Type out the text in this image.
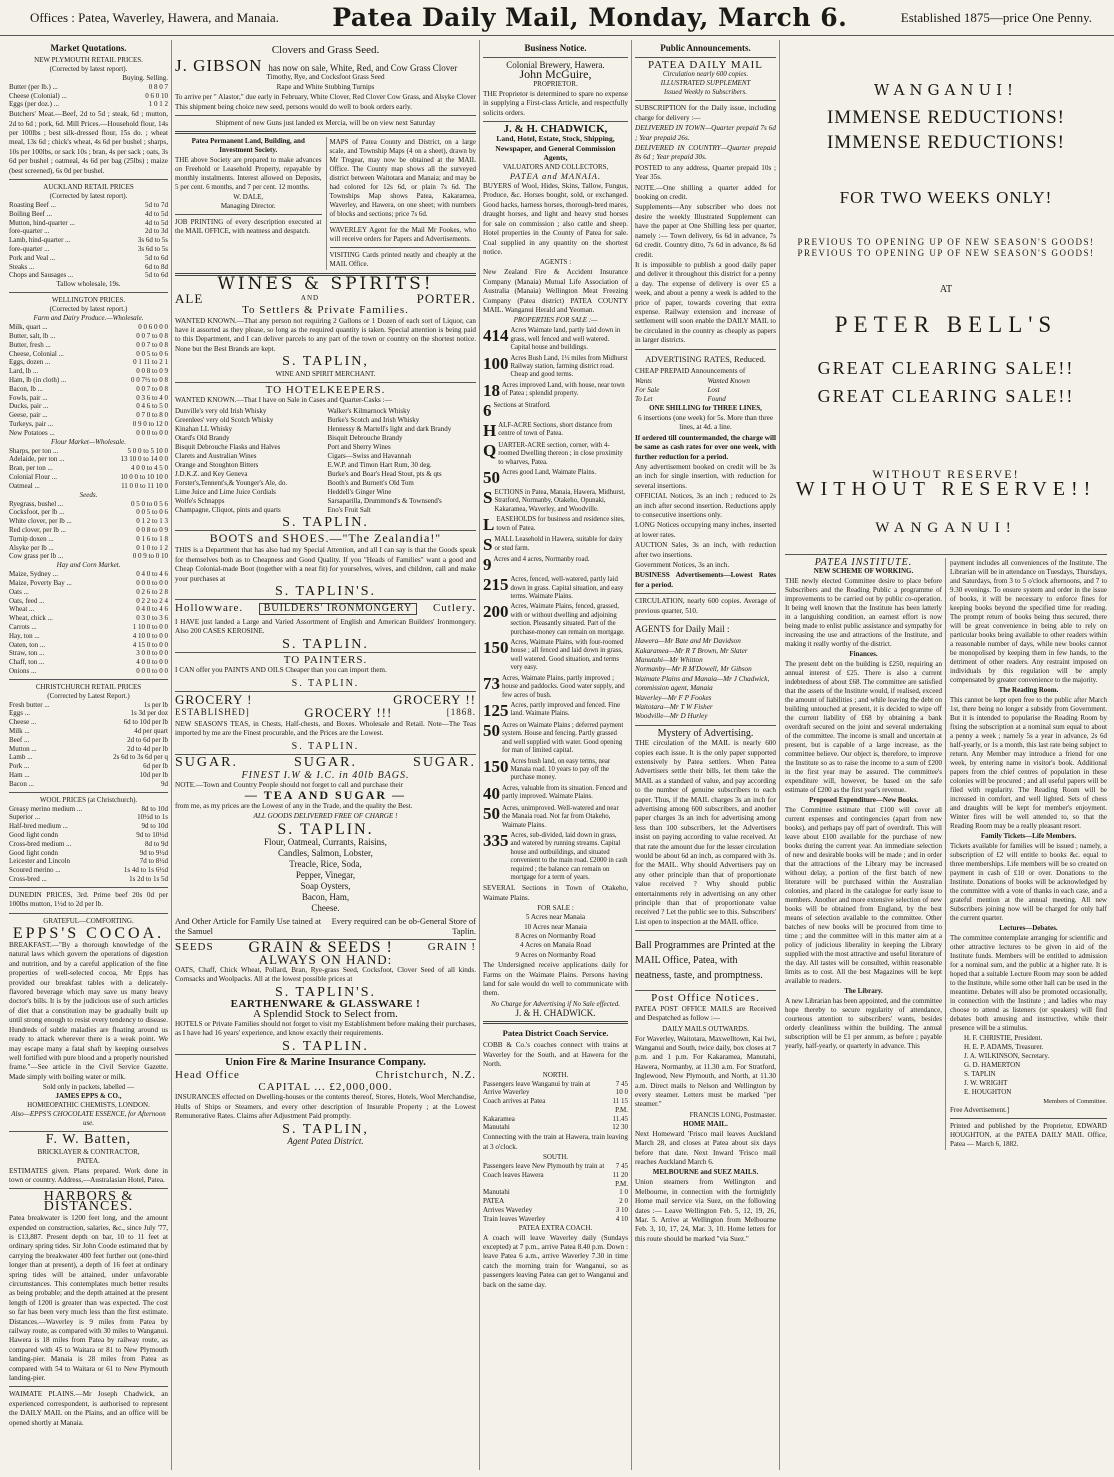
Offices : Patea, Waverley, Hawera, and Manaia. Patea Daily Mail, Monday, March 6.	Established 1875—price One Penny.
Market Quotations.
NEW PLYMOUTH RETAIL PRICES.
(Corrected by latest report).
Buying. Selling.
Butter (per lb.) ...	0 8 0 7
Cheese (Colonial) ...	0 6 0 10
Eggs (per doz.) ...	1 0 1 2

Butchers' Meat.—Beef, 2d to 5d ; steak, 6d ; mutton, 2d to 6d ; pork, 6d. Mill Prices.—Household flour, 14s per 100lbs ; best silk-dressed flour, 15s do. ; wheat meal, 13s 6d ; chick's wheat, 4s 6d per bushel ; sharps, 10s per 100lbs, or sack 10s ; bran, 4s per sack ; oats, 3s 6d per bushel ; oatmeal, 4s 6d per bag (25lbs) ; maize (best screened), 6s 0d per bushel.

AUCKLAND RETAIL PRICES
(Corrected by latest report).
Roasting Beef ...	5d to 7d
Boiling Beef ...	4d to 5d
Mutton, hind-quarter ...	4d to 5d
fore-quarter ...	2d to 3d
Lamb, hind-quarter ...	3s 6d to 5s
fore-quarter ...	3s 6d to 5s
Pork and Veal ...	5d to 6d
Steaks ...	6d to 8d
Chops and Sausages ...	5d to 6d
Tallow wholesale, 19s.
WELLINGTON PRICES.
(Corrected by latest report.)
Farm and Dairy Produce.—Wholesale.
Milk, quart ...	0 0 6 0 0 0
Butter, salt, lb ...	0 0 7 to 0 8
Butter, fresh ...	0 0 7 to 0 8
Cheese, Colonial ...	0 0 5 to 0 6
Eggs, dozen ...	0 1 11 to 2 1
Lard, lb ...	0 0 8 to 0 9
Ham, lb (in cloth) ...	0 0 7½ to 0 8
Bacon, lb ...	0 0 7 to 0 8
Fowls, pair ...	0 3 6 to 4 0
Ducks, pair ...	0 4 6 to 5 0
Geese, pair ...	0 7 0 to 8 0
Turkeys, pair ...	0 9 0 to 12 0
New Potatoes ...	0 0 0 to 0 0
Flour Market—Wholesale.
Sharps, per ton ...	5 0 0 to 5 10 0
Adelaide, per ton ...	13 10 0 to 14 0 0
Bran, per ton ...	4 0 0 to 4 5 0
Colonial Flour ...	10 0 0 to 10 10 0
Oatmeal ...	11 0 0 to 11 10 0
Seeds.
Ryegrass, bushel ...	0 5 0 to 0 5 6
Cocksfoot, per lb ...	0 0 5 to 0 6
White clover, per lb ...	0 1 2 to 1 3
Red clover, per lb ...	0 0 8 to 0 9
Turnip doxen ...	0 1 6 to 1 8
Alsyke per lb ...	0 1 0 to 1 2
Cow grass per lb ...	0 0 9 to 0 10
Hay and Corn Market.
Maize, Sydney ...	0 4 0 to 4 6
Maize, Poverty Bay ...	0 0 0 to 0 0
Oats ...	0 2 6 to 2 8
Oats, feed ...	0 2 2 to 2 4
Wheat ...	0 4 0 to 4 6
Wheat, chick ...	0 3 0 to 3 6
Carrots ...	1 10 0 to 0 0
Hay, ton ...	4 10 0 to 0 0
Oaten, ton ...	4 15 0 to 0 0
Straw, ton ...	3 0 0 to 0 0
Chaff, ton ...	4 0 0 to 0 0
Onions ...	0 0 0 to 0 0
CHRISTCHURCH RETAIL PRICES
(Corrected by Latest Report.)
Fresh butter ...	1s per lb
Eggs ...	1s 3d per doz
Cheese ...	6d to 10d per lb
Milk ...	4d per quart
Beef ...	2d to 6d per lb
Mutton ...	2d to 4d per lb
Lamb ...	2s 6d to 3s 6d per q
Pork ...	6d per lb
Ham ...	10d per lb
Bacon ...	9d
WOOL PRICES (at Christchurch).
Greasy merino medium ...	8d to 10d
Superior ...	10½d to 1s
Half-bred medium ...	9d to 10d
Good light condn	9d to 10½d
Cross-bred medium ...	8d to 9d
Good light condn	9d to 9½d
Leicester and Lincoln	7d to 8½d
Scoured merino ...	1s 4d to 1s 6½d
Cross-bred ...	1s 2d to 1s 5d

DUNEDIN PRICES, 3rd. Prime beef 20s 0d per 100lbs mutton, 1½d to 2d per lb.

GRATEFUL—COMFORTING.
EPPS'S COCOA.

BREAKFAST.—"By a thorough knowledge of the natural laws which govern the operations of digestion and nutrition, and by a careful application of the fine properties of well-selected cocoa, Mr Epps has provided our breakfast tables with a delicately-flavored beverage which may save us many heavy doctor's bills. It is by the judicious use of such articles of diet that a constitution may be gradually built up until strong enough to resist every tendency to disease. Hundreds of subtle maladies are floating around us ready to attack wherever there is a weak point. We may escape many a fatal shaft by keeping ourselves well fortified with pure blood and a properly nourished frame."—See article in the Civil Service Gazette. Made simply with boiling water or milk.

Sold only in packets, labelled —
JAMES EPPS & CO.,
HOMŒOPATHIC CHEMISTS, LONDON.
Also—EPPS'S CHOCOLATE ESSENCE, for Afternoon use.
F. W. Batten,
BRICKLAYER & CONTRACTOR,
PATEA.

ESTIMATES given. Plans prepared. Work done in town or country. Address,—Australasian Hotel, Patea.

HARBORS & DISTANCES.

Patea breakwater is 1200 feet long, and the amount expended on construction, salaries, &c., since July '77, is £13,887. Present depth on bar, 10 to 11 feet at ordinary spring tides. Sir John Coode estimated that by carrying the breakwater 400 feet further out (one-third longer than at present), a depth of 16 feet at ordinary spring tides will be attained, under unfavorable circumstances. This contemplates much better results as being probable; and the depth attained at the present length of 1200 is greater than was expected. The cost so far has been very much less than the first estimate. Distances.—Waverley is 9 miles from Patea by railway route, as compared with 30 miles to Wanganui. Hawera is 18 miles from Patea by railway route, as compared with 45 to Waitara or 81 to New Plymouth landing-pier. Manaia is 28 miles from Patea as compared with 54 to Waitara or 61 to New Plymouth landing-pier.

WAIMATE PLAINS.—Mr Joseph Chadwick, an experienced correspondent, is authorised to represent the DAILY MAIL on the Plains, and an office will be opened shortly at Manaia.

Clovers and Grass Seed.
J. GIBSON has now on sale, White, Red, and Cow Grass Clover
Timothy, Rye, and Cocksfoot Grass Seed
Rape and White Stubbing Turnips

To arrive per " Alastor," due early in February, White Clover, Red Clover Cow Grass, and Alsyke Clover This shipment being choice new seed, persons would do well to book orders early.

Shipment of new Guns just landed ex Mercia, will be on view next Saturday
Patea Permanent Land, Building, and Investment Society.

THE above Society are prepared to make advances on Freehold or Leasehold Property, repayable by monthly instalments. Interest allowed on Deposits, 5 per cent. 6 months, and 7 per cent. 12 months.

W. DALE,
Managing Director.

JOB PRINTING of every description executed at the MAIL OFFICE, with neatness and despatch.

MAPS of Patea County and District, on a large scale, and Township Maps (4 on a sheet), drawn by Mr Tregear, may now be obtained at the MAIL Office. The County map shows all the surveyed district between Waitotara and Manaia; and may be had colored for 12s 6d, or plain 7s 6d. The Townships Map shows Patea, Kakaramea, Waverley, and Hawera, on one sheet; with numbers of blocks and sections; price 7s 6d.

WAVERLEY Agent for the Mail Mr Fookes, who will receive orders for Papers and Advertisements.

VISITING Cards printed neatly and cheaply at the MAIL Office.

WINES & SPIRITS!
ALE	AND	PORTER.
To Settlers & Private Families.

WANTED KNOWN.—That any person not requiring 2 Gallons or 1 Dozen of each sort of Liquor, can have it assorted as they please, so long as the required quantity is taken. Special attention is being paid to this Department, and I can deliver parcels to any part of the town or country on the shortest notice. None but the Best Brands are kept.

S. TAPLIN,
WINE AND SPIRIT MERCHANT.
TO HOTELKEEPERS.

WANTED KNOWN.—That I have on Sale in Cases and Quarter-Casks :—

Dunville's very old Irish Whisky
Greenlees' very old Scotch Whisky
Kinahan LL Whisky
Otard's Old Brandy
Bisquit Debrouche Flasks and Halves
Clarets and Australian Wines
Orange and Stoughton Bitters
J.D.K.Z. and Key Geneva
Forster's,Tennent's,& Younger's Ale, do.
Lime Juice and Lime Juice Cordials
Wolfe's Schnapps
Champagne, Cliquot, pints and quarts
Walker's Kilmarnock Whisky
Burke's Scotch and Irish Whisky
Hennessy & Martell's light and dark Brandy
Bisquit Debrouche Brandy
Port and Sherry Wines
Cigars—Swiss and Havannah
E.W.P. and Timon Hart Rum, 30 deg.
Burke's and Boar's Head Stout, pts & qts
Booth's and Burnett's Old Tom
Heddell's Ginger Wine
Sarsaparilla, Drummond's & Townsend's
Eno's Fruit Salt
S. TAPLIN.
BOOTS and SHOES.—"The Zealandia!"

THIS is a Department that has also had my Special Attention, and all I can say is that the Goods speak for themselves both as to Cheapness and Good Quality. If you "Heads of Families" want a good and Cheap Colonial-made Boot (together with a neat fit) for yourselves, wives, and children, call and make your purchases at

S. TAPLIN'S.
Hollowware.	BUILDERS' IRONMONGERY	Cutlery.

I HAVE just landed a Large and Varied Assortment of English and American Builders' Ironmongery. Also 200 CASES KEROSINE.

S. TAPLIN.
TO PAINTERS.

I CAN offer you PAINTS AND OILS Cheaper than you can import them.

S. TAPLIN.
GROCERY !	GROCERY !!
ESTABLISHED]	GROCERY !!!	[1868.

NEW SEASON'S TEAS, in Chests, Half-chests, and Boxes. Wholesale and Retail. Note—The Teas imported by me are the Finest procurable, and the Prices are the Lowest.

S. TAPLIN.
SUGAR.	SUGAR.	SUGAR.
FINEST I.W & I.C. in 40lb BAGS.

NOTE.—Town and Country People should not forget to call and purchase their

— TEA AND SUGAR —

from me, as my prices are the Lowest of any in the Trade, and the quality the Best.

ALL GOODS DELIVERED FREE OF CHARGE !
S. TAPLIN.
Flour, Oatmeal, Currants, Raisins,
Candles, Salmon, Lobster,
Treacle, Rice, Soda,
Pepper, Vinegar,
Soap Oysters,
Bacon, Ham,
Cheese.
And Other Article for Family Use tained at the Samuel
Every required can be ob-General Store of Taplin.
SEEDS GRAIN & SEEDS !	GRAIN !
ALWAYS ON HAND:

OATS, Chaff, Chick Wheat, Pollard, Bran, Rye-grass Seed, Cocksfoot, Clover Seed of all kinds. Cornsacks and Woolpacks. All at the lowest possible prices at

S. TAPLIN'S.
EARTHENWARE & GLASSWARE !
A Splendid Stock to Select from.

HOTELS or Private Families should not forget to visit my Establishment before making their purchases, as I have had 16 years' experience, and know exactly their requirements.

S. TAPLIN.
Union Fire & Marine Insurance Company.
Head Office	Christchurch, N.Z.
CAPITAL ... £2,000,000.

INSURANCES effected on Dwelling-houses or the contents thereof, Stores, Hotels, Wool Merchandise, Hulls of Ships or Steamers, and every other description of Insurable Property ; at the Lowest Remunerative Rates. Claims after Adjustment Paid promptly.

S. TAPLIN,
Agent Patea District.
Business Notice.
Colonial Brewery, Hawera.
John McGuire,
PROPRIETOR.

THE Proprietor is determined to spare no expense in supplying a First-class Article, and respectfully solicits orders.

J. & H. CHADWICK,
Land, Hotel, Estate, Stock, Shipping, Newspaper, and General Commission Agents,
VALUATORS AND COLLECTORS,
PATEA and MANAIA.

BUYERS of Wool, Hides, Skins, Tallow, Fungus, Produce, &c. Horses bought, sold, or exchanged. Good hacks, harness horses, thorough-bred mares, draught horses, and light and heavy stud horses for sale on commission ; also cattle and sheep. Hotel properties in the County of Patea for sale. Coal supplied in any quantity on the shortest notice.

AGENTS :

New Zealand Fire & Accident Insurance Company (Manaia) Mutual Life Association of Australia (Manaia) Wellington Meat Freezing Company (Patea district) PATEA COUNTY MAIL. Wanganui Herald and Yeoman.

PROPERTIES FOR SALE :—
414 Acres Waimate land, partly laid down in grass, well fenced and well watered. Capital house and buildings.
100 Acres Bush Land, 1½ miles from Midhurst Railway station, farming district road. Cheap and good terms.
18 Acres improved Land, with house, near town of Patea ; splendid property.
6 Sections at Stratford.
H ALF-ACRE Sections, short distance from centre of town of Patea.
Q UARTER-ACRE section, corner, with 4-roomed Dwelling thereon ; in close proximity to wharves, Patea.
50 Acres good Land, Waimate Plains.
S ECTIONS in Patea, Manaia, Hawera, Midhurst, Stratford, Normanby, Otakeho, Opunaki, Kakaramea, Waverley, and Woodville.
L EASEHOLDS for business and residence sites, town of Patea.
S MALL Leasehold in Hawera, suitable for dairy or stud farm.
9 Acres and 4 acres, Normanby road.
215 Acres, fenced, well-watered, partly laid down in grass. Capital situation, and easy terms. Waimate Plains.
200 Acres, Waimate Plains, fenced, grassed, with or without dwelling and adjoining section. Pleasantly situated. Part of the purchase-money can remain on mortgage.
150 Acres, Waimate Plains, with four-roomed house ; all fenced and laid down in grass, well watered. Good situation, and terms very easy.
73 Acres, Waimate Plains, partly improved ; house and paddocks. Good water supply, and few acres of bush.
125 Acres, partly improved and fenced. Fine land. Waimate Plains.
50 Acres on Waimate Plains ; deferred payment system. House and fencing. Partly grassed and well supplied with water. Good opening for man of limited capital.
150 Acres bush land, on easy terms, near Manaia road. 10 years to pay off the purchase money.
40 Acres, valuable from its situation. Fenced and partly improved. Waimate Plains.
50 Acres, unimproved. Well-watered and near the Manaia road. Not far from Otakeho, Waimate Plains.
335 Acres, sub-divided, laid down in grass, and watered by running streams. Capital house and outbuildings, and situated convenient to the main road. £2000 in cash required ; the balance can remain on mortgage for a term of years.

SEVERAL Sections in Town of Otakeho, Waimate Plains.

FOR SALE :
5 Acres near Manaia
10 Acres near Manaia
8 Acres on Normanby Road
4 Acres on Manaia Road
9 Acres on Normanby Road

The Undersigned receive applications daily for Farms on the Waimate Plains. Persons having land for sale would do well to communicate with them.

No Charge for Advertising if No Sale effected.
J. & H. CHADWICK.
Patea District Coach Service.

COBB & Co.'s coaches connect with trains at Waverley for the South, and at Hawera for the North.

NORTH.
Passengers leave Wanganui by train at	7 45
Arrive Waverley	10 0
Coach arrives at Patea	11 15
P.M.
Kakaramea	11.45
Manutahi	12 30

Connecting with the train at Hawera, train leaving at 3 o'clock.

SOUTH.
Passengers leave New Plymouth by train at 7 45
Coach leaves Hawera	11 20
P.M.
Manutahi	1 0
PATEA	2 0
Arrives Waverley	3 10
Train leaves Waverley	4 10
PATEA EXTRA COACH.

A coach will leave Waverley daily (Sundays excepted) at 7 p.m., arrive Patea 8.40 p.m. Down : leave Patea 6 a.m., arrive Waverley 7.30 in time catch the morning train for Wanganui, so as passengers leaving Patea can get to Wanganui and back on the same day.

Public Announcements.
PATEA DAILY MAIL
Circulation nearly 600 copies.
ILLUSTRATED SUPPLEMENT
Issued Weekly to Subscribers.

SUBSCRIPTION for the Daily issue, including charge for delivery :—

DELIVERED IN TOWN—Quarter prepaid 7s 6d ; Year prepaid 26s.

DELIVERED IN COUNTRY—Quarter prepaid 8s 6d ; Year prepaid 30s.

POSTED to any address, Quarter prepaid 10s ; Year 35s.

NOTE.—One shilling a quarter added for booking on credit.

Supplements—Any subscriber who does not desire the weekly Illustrated Supplement can have the paper at One Shilling less per quarter, namely :— Town delivery, 6s 6d in advance, 7s 6d credit. Country ditto, 7s 6d in advance, 8s 6d credit.

It is impossible to publish a good daily paper and deliver it throughout this district for a penny a day. The expense of delivery is over £5 a week, and about a penny a week is added to the price of paper, towards covering that extra expense. Railway extension and increase of settlement will soon enable the DAILY MAIL to be circulated in the country as cheaply as papers in larger districts.

ADVERTISING RATES, Reduced.

CHEAP PREPAID Announcements of

Wants
For Sale
To Let
Wanted Known
Lost
Found
ONE SHILLING for THREE LINES,

6 insertions (one week) for 5s. More than three lines, at 4d. a line.

If ordered till countermanded, the charge will be same as cash rates for over one week, with further reduction for a period.

Any advertisement booked on credit will be 3s an inch for single insertion, with reduction for several insertions.

OFFICIAL Notices, 3s an inch ; reduced to 2s an inch after second insertion. Reductions apply to consecutive insertions only.

LONG Notices occupying many inches, inserted at lower rates.

AUCTION Sales, 3s an inch, with reduction after two insertions.

Government Notices, 3s an inch.

BUSINESS Advertisements—Lowest Rates for a period.

CIRCULATION, nearly 600 copies. Average of previous quarter, 510.

AGENTS for Daily Mail :
Hawera—Mr Bate and Mr Davidson
Kakaramea—Mr R T Brown, Mr Slater
Manutahi—Mr Whitton
Normanby—Mr R M'Dowell, Mr Gibson
Waimate Plains and Manaia—Mr J Chadwick, commission agent, Manaia
Waverley—Mr F P Fookes
Waitotara—Mr T W Fisher
Woodville—Mr D Hurley
Mystery of Advertising.

THE circulation of the MAIL is nearly 600 copies each issue. It is the only paper supported extensively by Patea settlers. When Patea Advertisers settle their bills, let them take the MAIL as a standard of value, and pay according to the number of genuine subscribers to each paper. Thus, if the MAIL charges 3s an inch for advertising among 600 subscribers, and another paper charges 3s an inch for advertising among less than 100 subscribers, let the Advertisers insist on paying according to value received. At that rate the amount due for the lesser circulation would be about 6d an inch, as compared with 3s. for the MAIL. Why should Advertisers pay on any other principle than that of proportionate value received ? Why should public entertainments rely in advertising on any other principle than that of proportionate value received ? Let the public see to this. Subscribers' List open to inspection at the MAIL office.

Ball Programmes are Printed at the MAIL Office, Patea, with neatness, taste, and promptness.

Post Office Notices.

PATEA POST OFFICE MAILS are Received and Despatched as follow :—

DAILY MAILS OUTWARDS.

For Waverley, Waitotara, Maxwelltown, Kai Iwi, Wanganui and South, twice daily, box closes at 7 p.m. and 1 p.m. For Kakaramea, Manutahi, Hawera, Normanby, at 11.30 a.m. For Stratford, Inglewood, New Plymouth, and North, at 11.30 a.m. Direct mails to Nelson and Wellington by every steamer. Letters must be marked "per steamer."

FRANCIS LONG, Postmaster.
HOME MAIL.

Next Homeward 'Frisco mail leaves Auckland March 28, and closes at Patea about six days before that date. Next Inward 'Frisco mail reaches Auckland March 6.

MELBOURNE and SUEZ MAILS.

Union steamers from Wellington and Melbourne, in connection with the fortnightly Home mail service via Suez, on the following dates :— Leave Wellington Feb. 5, 12, 19, 26, Mar. 5. Arrive at Wellington from Melbourne Feb. 3, 10, 17, 24, Mar. 3, 10. Home letters for this route should be marked "via Suez."

WANGANUI!
IMMENSE REDUCTIONS!
IMMENSE REDUCTIONS!
FOR TWO WEEKS ONLY!
PREVIOUS TO OPENING UP OF NEW SEASON'S GOODS!
PREVIOUS TO OPENING UP OF NEW SEASON'S GOODS!
AT
PETER BELL'S
GREAT CLEARING SALE!!
GREAT CLEARING SALE!!
WITHOUT RESERVE!
WITHOUT RESERVE!!
WANGANUI!
PATEA INSTITUTE.
NEW SCHEME OF WORKING.

THE newly elected Committee desire to place before Subscribers and the Reading Public a programme of improvements to be carried out by public co-operation. It being well known that the Institute has been latterly in a languishing condition, an earnest effort is now being made to enlist public assistance and sympathy for increasing the use and attractions of the Institute, and making it really worthy of the district.

Finances.

The present debt on the building is £250, requiring an annual interest of £25. There is also a current indebtedness of about £68. The committee are satisfied that the assets of the Institute would, if realised, exceed the amount of liabilities ; and while leaving the debt on building untouched at present, it is decided to wipe off the current liability of £68 by obtaining a bank overdraft secured on the joint and several undertaking of the committee. The income is small and uncertain at present, but is capable of a large increase, as the committee believe. Our object is, therefore, to improve the Institute so as to raise the income to a sum of £200 in the first year may be assured. The committee's expenditure will, however, be based on the safe estimate of £200 as the first year's revenue.

Proposed Expenditure—New Books.

The Committee estimate that £100 will cover all current expenses and contingencies (apart from new books), and perhaps pay off part of overdraft. This will leave about £100 available for the purchase of new books during the current year. An immediate selection of new and desirable books will be made ; and in order that the attractions of the Library may be increased without delay, a portion of the first batch of new literature will be purchased within the Australian colonies, and placed in the catalogue for early issue to members. Another and more extensive selection of new books will be obtained from England, by the best means of selection available to the committee. Other batches of new books will be procured from time to time ; and the committee will in this matter aim at a policy of judicious liberality in keeping the Library supplied with the most attractive and useful literature of the day. All tastes will be consulted, within reasonable limits as to cost. All the best Magazines will be kept available to readers.

The Library.

A new Librarian has been appointed, and the committee hope thereby to secure regularity of attendance, courteous attention to subscribers' wants, besides orderly cleanliness within the building. The annual subscription will be £1 per annum, as before ; payable yearly, half-yearly, or quarterly in advance. This

payment includes all conveniences of the Institute. The Librarian will be in attendance on Tuesdays, Thursdays, and Saturdays, from 3 to 5 o'clock afternoons, and 7 to 9.30 evenings. To ensure system and order in the issue of books, it will be necessary to enforce fines for keeping books beyond the specified time for reading. The prompt return of books being thus secured, there will be great convenience in being able to rely on particular books being available to other readers within a reasonable number of days, while new books cannot be monopolised by keeping them in few hands, to the detriment of other readers. Any restraint imposed on individuals by this regulation will be amply compensated by greater convenience to the majority.

The Reading Room.

This cannot be kept open free to the public after March 1st, there being no longer a subsidy from Government. But it is intended to popularise the Reading Room by fixing the subscription at a nominal sum equal to about a penny a week ; namely 5s a year in advance, 2s 6d half-yearly, or 1s a month, this last rate being subject to return. Any Member may introduce a friend for one week, by entering name in visitor's book. Additional papers from the chief centres of population in these colonies will be procured ; and all useful papers will be filed with regularity. The Reading Room will be increased in comfort, and well lighted. Sets of chess and draughts will be kept for member's enjoyment. Winter fires will be well attended to, so that the Reading Room may be a really pleasant resort.

Family Tickets—Life Members.

Tickets available for families will be issued ; namely, a subscription of £2 will entitle to books &c. equal to three memberships. Life members will be so created on payment in cash of £10 or over. Donations to the Institute. Donations of books will be acknowledged by the committee with a vote of thanks in each case, and a grateful mention at the annual meeting. All new Subscribers joining now will be charged for only half the current quarter.

Lectures—Debates.

The committee contemplate arranging for scientific and other attractive lectures to be given in aid of the Institute funds. Members will be entitled to admission for a nominal sum, and the public at a higher rate. It is hoped that a suitable Lecture Room may soon be added to the Institute, while some other hall can be used in the meantime. Debates will also be promoted occasionally, in connection with the Institute ; and ladies who may choose to attend as listeners (or speakers) will find debates both amusing and instructive, while their presence will be a stimulus.

H. F. CHRISTIE, President.
H. E. P. ADAMS, Treasurer.
J. A. WILKINSON, Secretary.
G. D. HAMERTON
S. TAPLIN
J. W. WRIGHT
E. HOUGHTON
Members of Committee.
Free Advertisement.]

Printed and published by the Proprietor, EDWARD HOUGHTON, at the PATEA DAILY MAIL Office, Patea — March 6, 1882.
